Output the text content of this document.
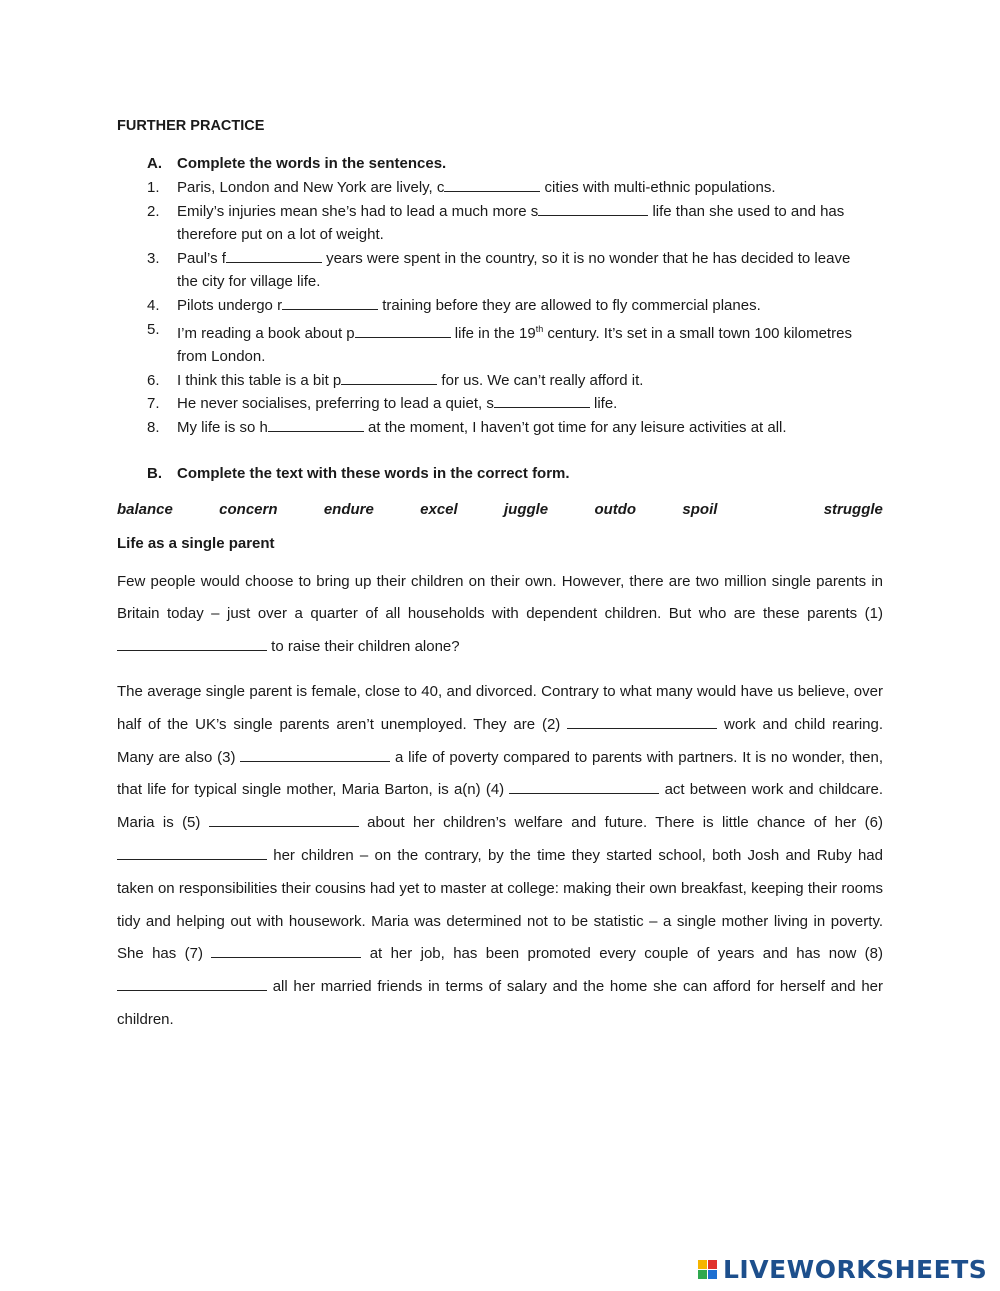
FURTHER PRACTICE
A.	Complete the words in the sentences.
1.	Paris, London and New York are lively, c	cities with multi-ethnic populations.
2.	Emily’s injuries mean she’s had to lead a much more s	life than she used to and has therefore put on a lot of weight.
3.	Paul’s f	years were spent in the country, so it is no wonder that he has decided to leave the city for village life.
4.	Pilots undergo r	training before they are allowed to fly commercial planes.
5.	I’m reading a book about p	life in the 19th century. It’s set in a small town 100 kilometres from London.
6.	I think this table is a bit p	for us. We can’t really afford it.
7.	He never socialises, preferring to lead a quiet, s	life.
8.	My life is so h	at the moment, I haven’t got time for any leisure activities at all.
B.	Complete the text with these words in the correct form.
balance	concern	endure	excel	juggle	outdo	spoil	struggle
Life as a single parent

Few people would choose to bring up their children on their own. However, there are two million single parents in Britain today – just over a quarter of all households with dependent children. But who are these parents (1)  to raise their children alone?

The average single parent is female, close to 40, and divorced. Contrary to what many would have us believe, over half of the UK’s single parents aren’t unemployed. They are (2)	work and child rearing. Many are also (3)	a life of poverty compared to parents with partners. It is no wonder, then, that life for typical single mother, Maria Barton, is a(n) (4)	act between work and childcare. Maria is (5)	about her children’s welfare and future. There is little chance of her (6)  her children – on the contrary, by the time they started school, both Josh and Ruby had taken on responsibilities their cousins had yet to master at college: making their own breakfast, keeping their rooms tidy and helping out with housework. Maria was determined not to be statistic – a single mother living in poverty. She has (7)	at her job, has been promoted every couple of years and has now (8)  all her married friends in terms of salary and the home she can afford for herself and her children.

LIVEWORKSHEETS
